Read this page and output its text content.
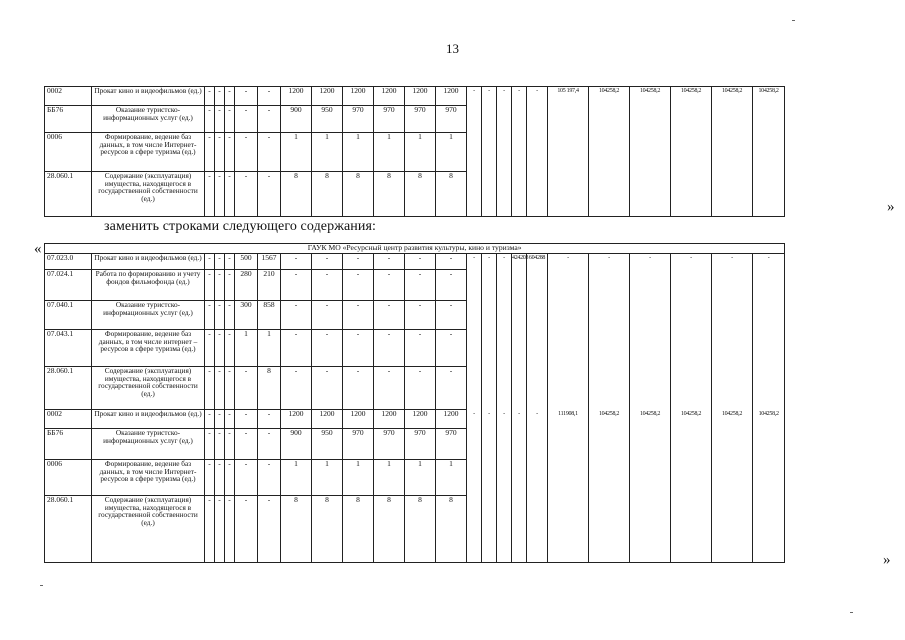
13
0002	Прокат кино и видеофильмов (ед.)	-	-	-	-	-	1200	1200	1200	1200	1200	1200	-	-	-	-	-	105 197,4	104258,2	104258,2	104258,2	104258,2	104258,2
ББ76	Оказание туристско-информационных услуг (ед.)	-	-	-	-	-	900	950	970	970	970	970											
0006	Формирование, ведение баз данных, в том числе Интернет-ресурсов в сфере туризма (ед.)	-	-	-	-	-	1	1	1	1	1	1											
28.060.1	Содержание (эксплуатация) имущества, находящегося в государственной собственности (ед.)	-	-	-	-	-	8	8	8	8	8	8											
»
заменить строками следующего содержания:
«	ГАУК МО «Ресурсный центр развития культуры, кино и туризма»																							
07.023.0	Прокат кино и видеофильмов (ед.)	-	-	-	500	1567	-	-	-	-	-	-	-	-	-	424203	604288	-	-	-	-	-	-
07.024.1	Работа по формированию и учету фондов фильмофонда (ед.)	-	-	-	280	210	-	-	-	-	-	-											
07.040.1	Оказание туристско-информационных услуг (ед.)	-	-	-	300	858	-	-	-	-	-	-											
07.043.1	Формирование, ведение баз данных, в том числе интернет – ресурсов в сфере туризма (ед.)	-	-	-	1	1	-	-	-	-	-	-											
28.060.1	Содержание (эксплуатация) имущества, находящегося в государственной собственности (ед.)	-	-	-	-	8	-	-	-	-	-	-											
0002	Прокат кино и видеофильмов (ед.)	-	-	-	-	-	1200	1200	1200	1200	1200	1200	-	-	-	-	-	111908,1	104258,2	104258,2	104258,2	104258,2	104258,2
ББ76	Оказание туристско-информационных услуг (ед.)	-	-	-	-	-	900	950	970	970	970	970											
0006	Формирование, ведение баз данных, в том числе Интернет-ресурсов в сфере туризма (ед.)	-	-	-	-	-	1	1	1	1	1	1											
28.060.1	Содержание (эксплуатация) имущества, находящегося в государственной собственности (ед.)	-	-	-	-	-	8	8	8	8	8	8											
»
